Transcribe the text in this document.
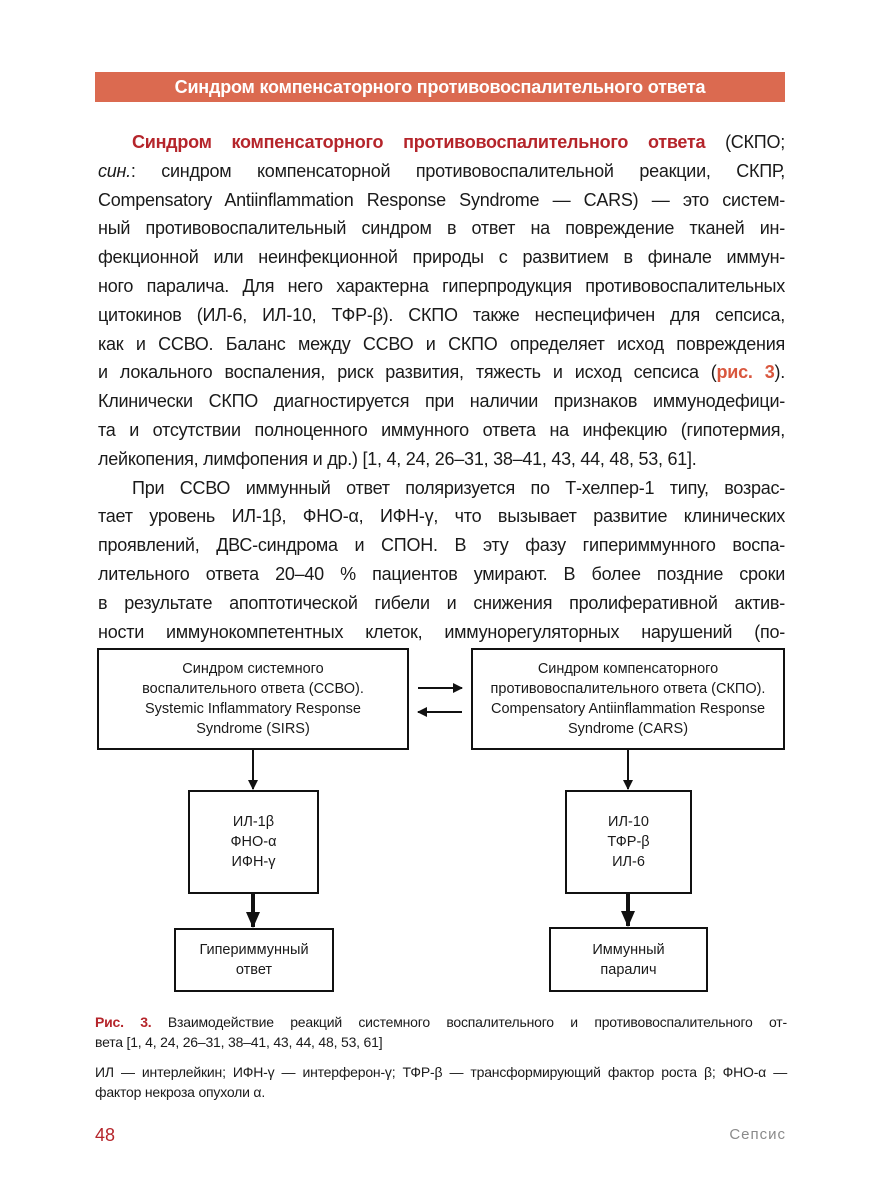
Синдром компенсаторного противовоспалительного ответа
Синдром компенсаторного противовоспалительного ответа (СКПО;
син.: синдром компенсаторной противовоспалительной реакции, СКПР,
Compensatory Antiinflammation Response Syndrome — CARS) — это систем-
ный противовоспалительный синдром в ответ на повреждение тканей ин-
фекционной или неинфекционной природы с развитием в финале иммун-
ного паралича. Для него характерна гиперпродукция противовоспалительных
цитокинов (ИЛ-6, ИЛ-10, ТФР-β). СКПО также неспецифичен для сепсиса,
как и ССВО. Баланс между ССВО и СКПО определяет исход повреждения
и локального воспаления, риск развития, тяжесть и исход сепсиса (рис. 3).
Клинически СКПО диагностируется при наличии признаков иммунодефици-
та и отсутствии полноценного иммунного ответа на инфекцию (гипотермия,
лейкопения, лимфопения и др.) [1, 4, 24, 26–31, 38–41, 43, 44, 48, 53, 61].
При ССВО иммунный ответ поляризуется по Т-хелпер-1 типу, возрас-
тает уровень ИЛ-1β, ФНО-α, ИФН-γ, что вызывает развитие клинических
проявлений, ДВС-синдрома и СПОН. В эту фазу гипериммунного воспа-
лительного ответа 20–40 % пациентов умирают. В более поздние сроки
в результате апоптотической гибели и снижения пролиферативной актив-
ности иммунокомпетентных клеток, иммунорегуляторных нарушений (по-
Синдром системного
воспалительного ответа (ССВО).
Systemic Inflammatory Response
Syndrome (SIRS)
Синдром компенсаторного
противовоспалительного ответа (СКПО).
Compensatory Antiinflammation Response
Syndrome (CARS)
ИЛ-1β
ФНО-α
ИФН-γ
ИЛ-10
ТФР-β
ИЛ-6
Гипериммунный
ответ
Иммунный
паралич
Рис. 3. Взаимодействие реакций системного воспалительного и противовоспалительного от-
вета [1, 4, 24, 26–31, 38–41, 43, 44, 48, 53, 61]
ИЛ — интерлейкин; ИФН-γ — интерферон-γ; ТФР-β — трансформирующий фактор роста β; ФНО-α —
фактор некроза опухоли α.
48	Сепсис
